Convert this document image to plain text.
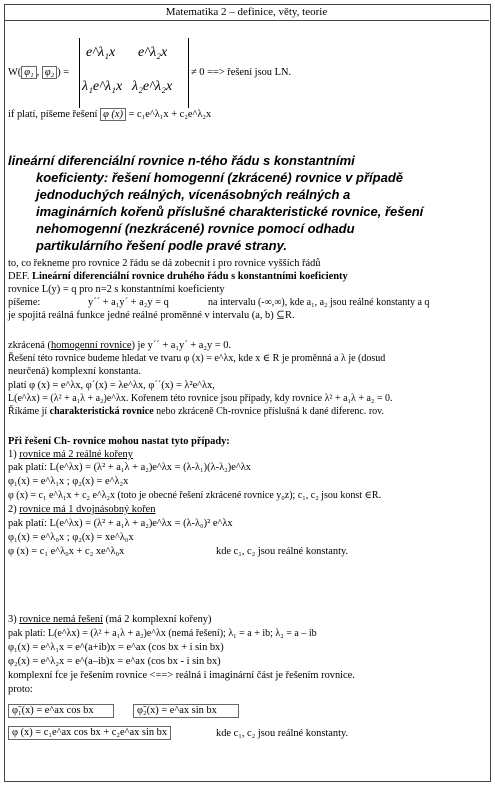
Matematika 2 – definice, věty, teorie
W( φ₁ , φ₂ ) =
e^λ₁x e^λ₂x
λ₁e^λ₁x λ₂e^λ₂x
≠ 0 ==> řešení jsou LN.
if platí, píšeme řešení φ (x) = c₁e^λ₁x + c₂e^λ₂x
lineární diferenciální rovnice n-tého řádu s konstantními
koeficienty: řešení homogenní (zkrácené) rovnice v případě
jednoduchých reálných, vícenásobných reálných a
imaginárních kořenů příslušné charakteristické rovnice, řešení
nehomogenní (nezkrácené) rovnice pomocí odhadu
partikulárního řešení podle pravé strany.
to, co řekneme pro rovnice 2 řádu se dá zobecnit i pro rovnice vyšších řádů
DEF. Lineární diferenciální rovnice druhého řádu s konstantními koeficienty
rovnice L(y) = q pro n=2 s konstantními koeficienty
píšeme:	y´´ + a₁y´ + a₂y = q	na intervalu (-∞,∞), kde a₁, a₂ jsou reálné konstanty a q
je spojitá reálná funkce jedné reálné proměnné v intervalu (a, b) ⊆R.
zkrácená (homogenní rovnice) je y´´ + a₁y´ + a₂y = 0.
Řešení této rovnice budeme hledat ve tvaru φ (x) = e^λx, kde x ∈ R je proměnná a λ je (dosud
neurčená) komplexní konstanta.
platí φ (x) = e^λx, φ´(x) = λe^λx, φ´´(x) = λ²e^λx,
L(e^λx) = (λ² + a₁λ + a₂)e^λx. Kořenem této rovnice jsou případy, kdy rovnice λ² + a₁λ + a₂ = 0.
Říkáme jí charakteristická rovnice nebo zkráceně Ch-rovnice příslušná k dané diferenc. rov.
Při řešení Ch- rovnice mohou nastat tyto případy:
1) rovnice má 2 reálné kořeny
pak platí: L(e^λx) = (λ² + a₁λ + a₂)e^λx = (λ-λ₁)(λ-λ₂)e^λx
φ₁(x) = e^λ₁x ; φ₂(x) = e^λ₂x
φ (x) = c₁ e^λ₁x + c₂ e^λ₂x (toto je obecné řešení zkrácené rovnice y₀z); c₁, c₂ jsou konst ∈R.
2) rovnice má 1 dvojnásobný kořen
pak platí: L(e^λx) = (λ² + a₁λ + a₂)e^λx = (λ-λ₀)² e^λx
φ₁(x) = e^λ₀x ; φ₂(x) = xe^λ₀x
φ (x) = c₁ e^λ₀x + c₂ xe^λ₀x	kde c₁, c₂ jsou reálné konstanty.
3) rovnice nemá řešení (má 2 komplexní kořeny)
pak platí: L(e^λx) = (λ² + a₁λ + a₂)e^λx (nemá řešení); λ₁ = a + ib; λ₂ = a – ib
φ₁(x) = e^λ₁x = e^(a+ib)x = e^ax (cos bx + i sin bx)
φ₂(x) = e^λ₂x = e^(a–ib)x = e^ax (cos bx - i sin bx)
komplexní fce je řešením rovnice <==> reálná i imaginární část je řešením rovnice.
proto:
φ̃₁(x) = e^ax cos bx	φ̃₂(x) = e^ax sin bx
φ (x) = c₁e^ax cos bx + c₂e^ax sin bx	kde c₁, c₂ jsou reálné konstanty.
